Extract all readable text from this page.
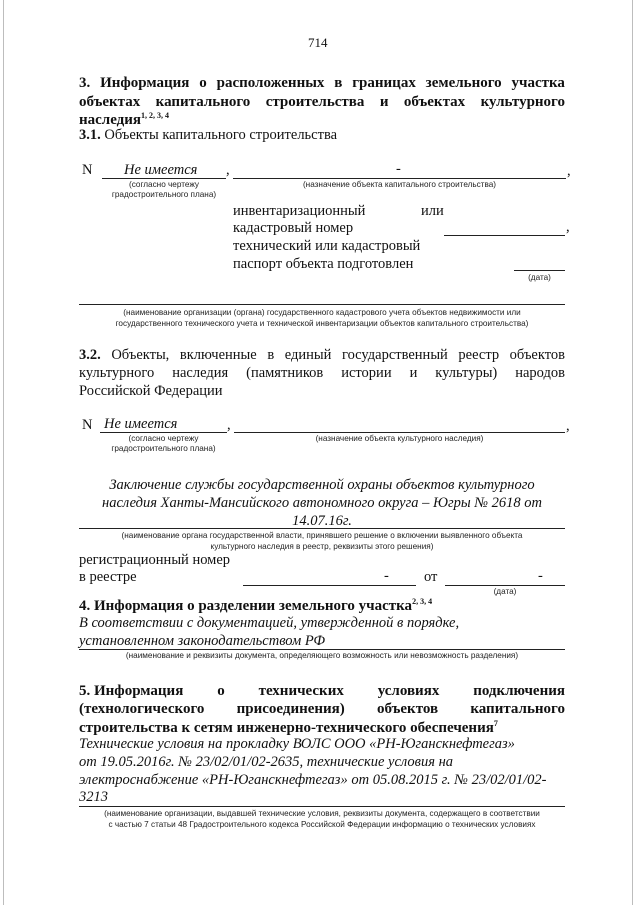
714
3. Информация о расположенных в границах земельного участка
объектах капитального строительства и объектах культурного
наследия$^{1, 2, 3, 4}$
3.1. Объекты капитального строительства
N Не имеется ,	-	,
(согласно чертежу
градостроительного плана)
(назначение объекта капитального строительства)
инвентаризационный	или
кадастровый номер	,
технический или кадастровый
паспорт объекта подготовлен
(дата)
(наименование организации (органа) государственного кадастрового учета объектов недвижимости или
государственного технического учета и технической инвентаризации объектов капитального строительства)
3.2. Объекты, включенные в единый государственный реестр объектов
культурного наследия (памятников истории и культуры) народов
Российской Федерации
N Не имеется	,	,
(согласно чертежу
градостроительного плана)
(назначение объекта культурного наследия)
Заключение службы государственной охраны объектов культурного
наследия Ханты-Мансийского автономного округа – Югры № 2618 от
14.07.16г.
(наименование органа государственной власти, принявшего решение о включении выявленного объекта
культурного наследия в реестр, реквизиты этого решения)
регистрационный номер
в реестре	- от	-
(дата)
4. Информация о разделении земельного участка$^{2, 3, 4}$
В соответствии с документацией, утвержденной в порядке,
установленном законодательством РФ
(наименование и реквизиты документа, определяющего возможность или невозможность разделения)
5. Информация о технических условиях подключения
(технологического присоединения) объектов капитального
строительства к сетям инженерно-технического обеспечения$^7$
Технические условия на прокладку ВОЛС ООО «РН-Юганскнефтегаз»
от 19.05.2016г. № 23/02/01/02-2635, технические условия на
электроснабжение «РН-Юганскнефтегаз» от 05.08.2015 г. № 23/02/01/02-
3213
(наименование организации, выдавшей технические условия, реквизиты документа, содержащего в соответствии
с частью 7 статьи 48 Градостроительного кодекса Российской Федерации информацию о технических условиях
